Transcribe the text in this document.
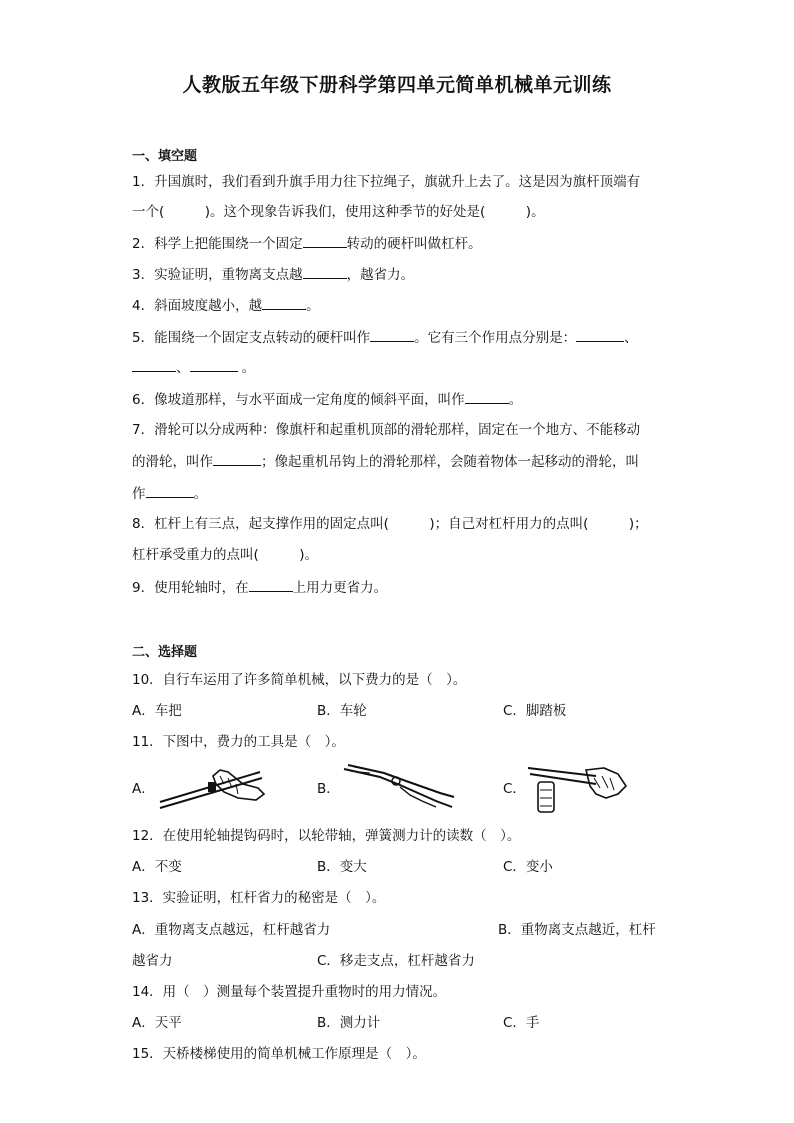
人教版五年级下册科学第四单元简单机械单元训练
一、填空题
1．升国旗时，我们看到升旗手用力往下拉绳子，旗就升上去了。这是因为旗杆顶端有
一个(　　　)。这个现象告诉我们，使用这种季节的好处是(　　　)。
2．科学上把能围绕一个固定	转动的硬杆叫做杠杆。
3．实验证明，重物离支点越	，越省力。
4．斜面坡度越小，越	。
5．能围绕一个固定支点转动的硬杆叫作	。它有三个作用点分别是：	、
、	。
6．像坡道那样，与水平面成一定角度的倾斜平面，叫作	。
7．滑轮可以分成两种：像旗杆和起重机顶部的滑轮那样，固定在一个地方、不能移动
的滑轮，叫作	；像起重机吊钩上的滑轮那样，会随着物体一起移动的滑轮，叫
作	。
8．杠杆上有三点，起支撑作用的固定点叫(　　　)；自己对杠杆用力的点叫(　　　)；
杠杆承受重力的点叫(　　　)。
9．使用轮轴时，在	上用力更省力。
二、选择题
10．自行车运用了许多简单机械，以下费力的是（　）。
A．车把	B．车轮	C．脚踏板
11．下图中，费力的工具是（　）。
A．	B．	C．
12．在使用轮轴提钩码时，以轮带轴，弹簧测力计的读数（　）。
A．不变	B．变大	C．变小
13．实验证明，杠杆省力的秘密是（　）。
A．重物离支点越远，杠杆越省力	B．重物离支点越近，杠杆
越省力	C．移走支点，杠杆越省力
14．用（　）测量每个装置提升重物时的用力情况。
A．天平	B．测力计	C．手
15．天桥楼梯使用的简单机械工作原理是（　）。
